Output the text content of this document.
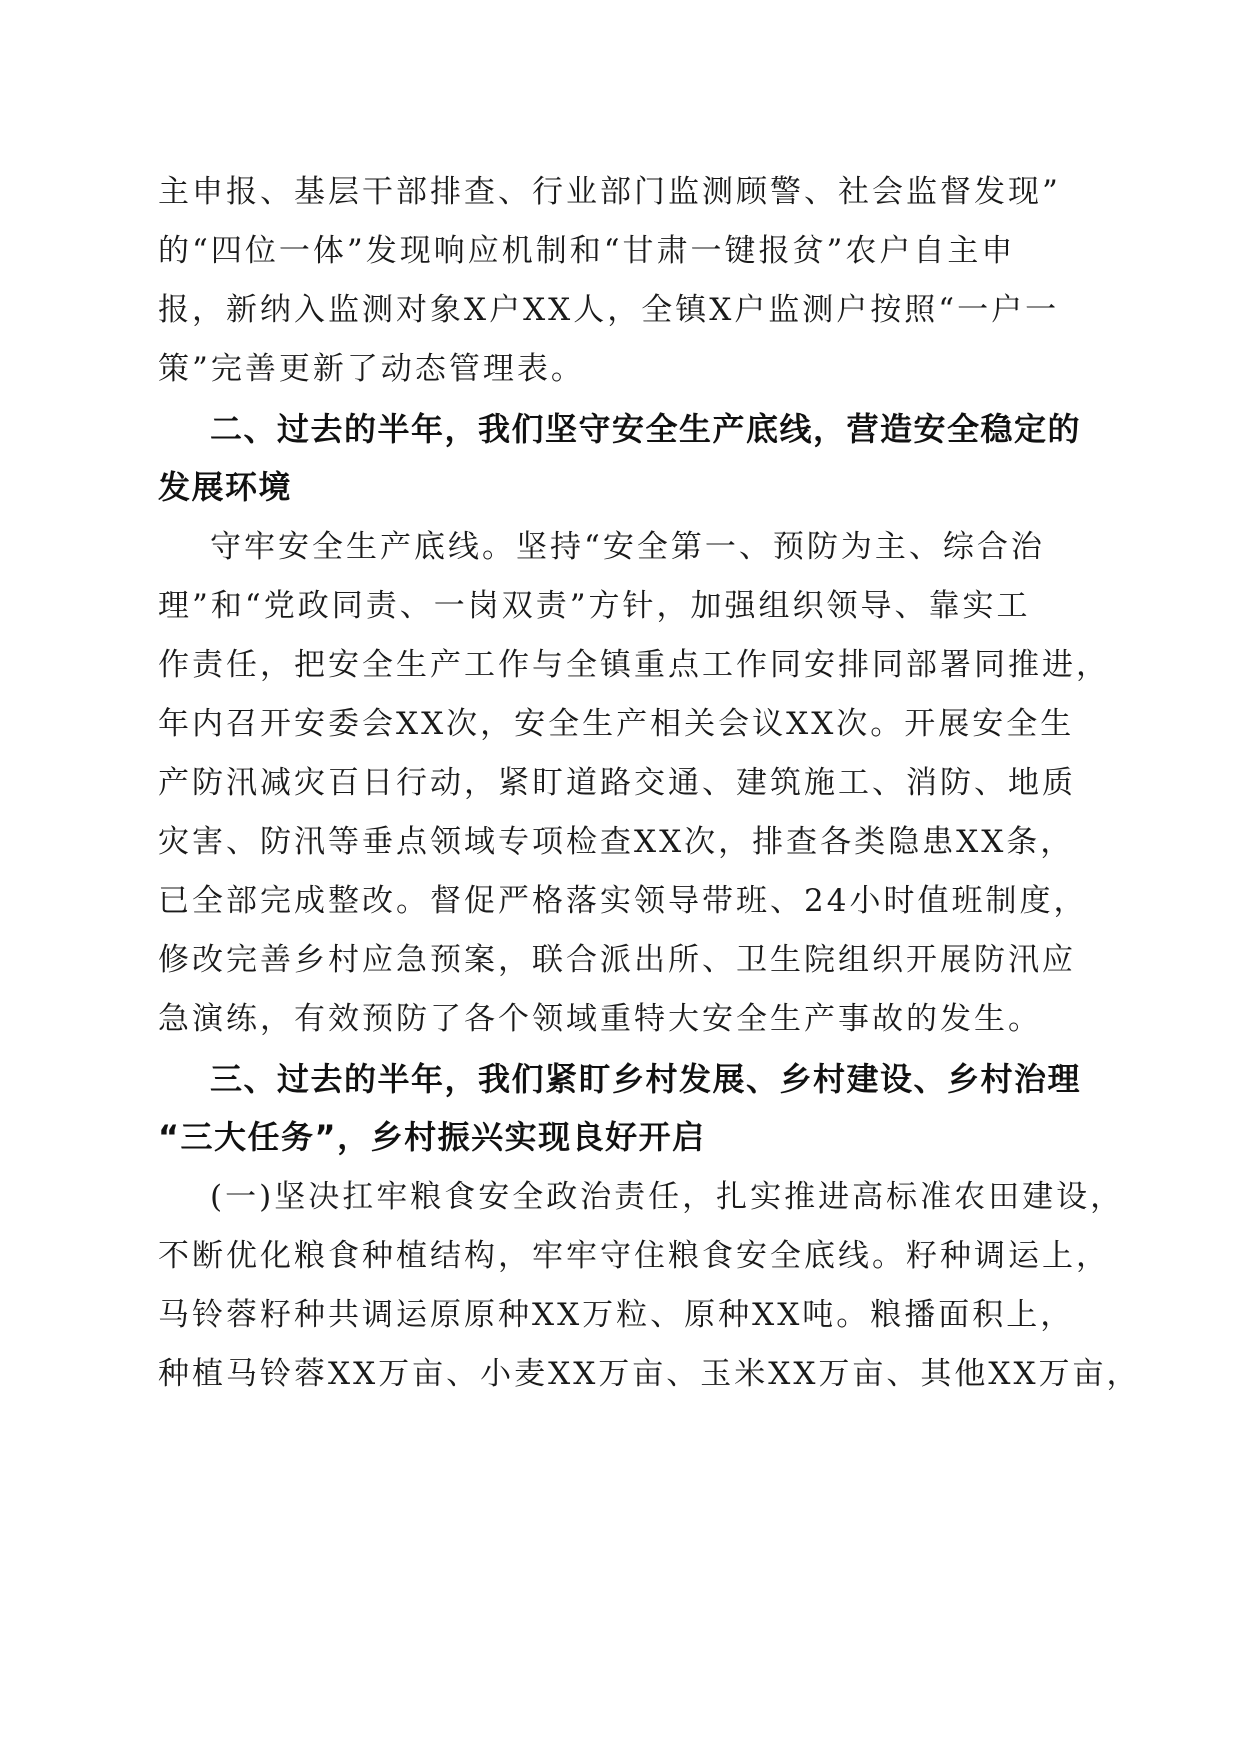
主申报、基层干部排查、行业部门监测顾警、社会监督发现”

的“四位一体”发现响应机制和“甘肃一键报贫”农户自主申

报，新纳入监测对象X户XX人，全镇X户监测户按照“一户一

策”完善更新了动态管理表。

二、过去的半年，我们坚守安全生产底线，营造安全稳定的

发展环境

守牢安全生产底线。坚持“安全第一、预防为主、综合治

理”和“党政同责、一岗双责”方针，加强组织领导、靠实工

作责任，把安全生产工作与全镇重点工作同安排同部署同推进，

年内召开安委会XX次，安全生产相关会议XX次。开展安全生

产防汛减灾百日行动，紧盯道路交通、建筑施工、消防、地质

灾害、防汛等垂点领域专项检查XX次，排查各类隐患XX条，

已全部完成整改。督促严格落实领导带班、24小时值班制度，

修改完善乡村应急预案，联合派出所、卫生院组织开展防汛应

急演练，有效预防了各个领域重特大安全生产事故的发生。

三、过去的半年，我们紧盯乡村发展、乡村建设、乡村治理

“三大任务”，乡村振兴实现良好开启

(一)坚决扛牢粮食安全政治责任，扎实推进高标准农田建设，

不断优化粮食种植结构，牢牢守住粮食安全底线。籽种调运上，

马铃蓉籽种共调运原原种XX万粒、原种XX吨。粮播面积上，

种植马铃蓉XX万亩、小麦XX万亩、玉米XX万亩、其他XX万亩，
